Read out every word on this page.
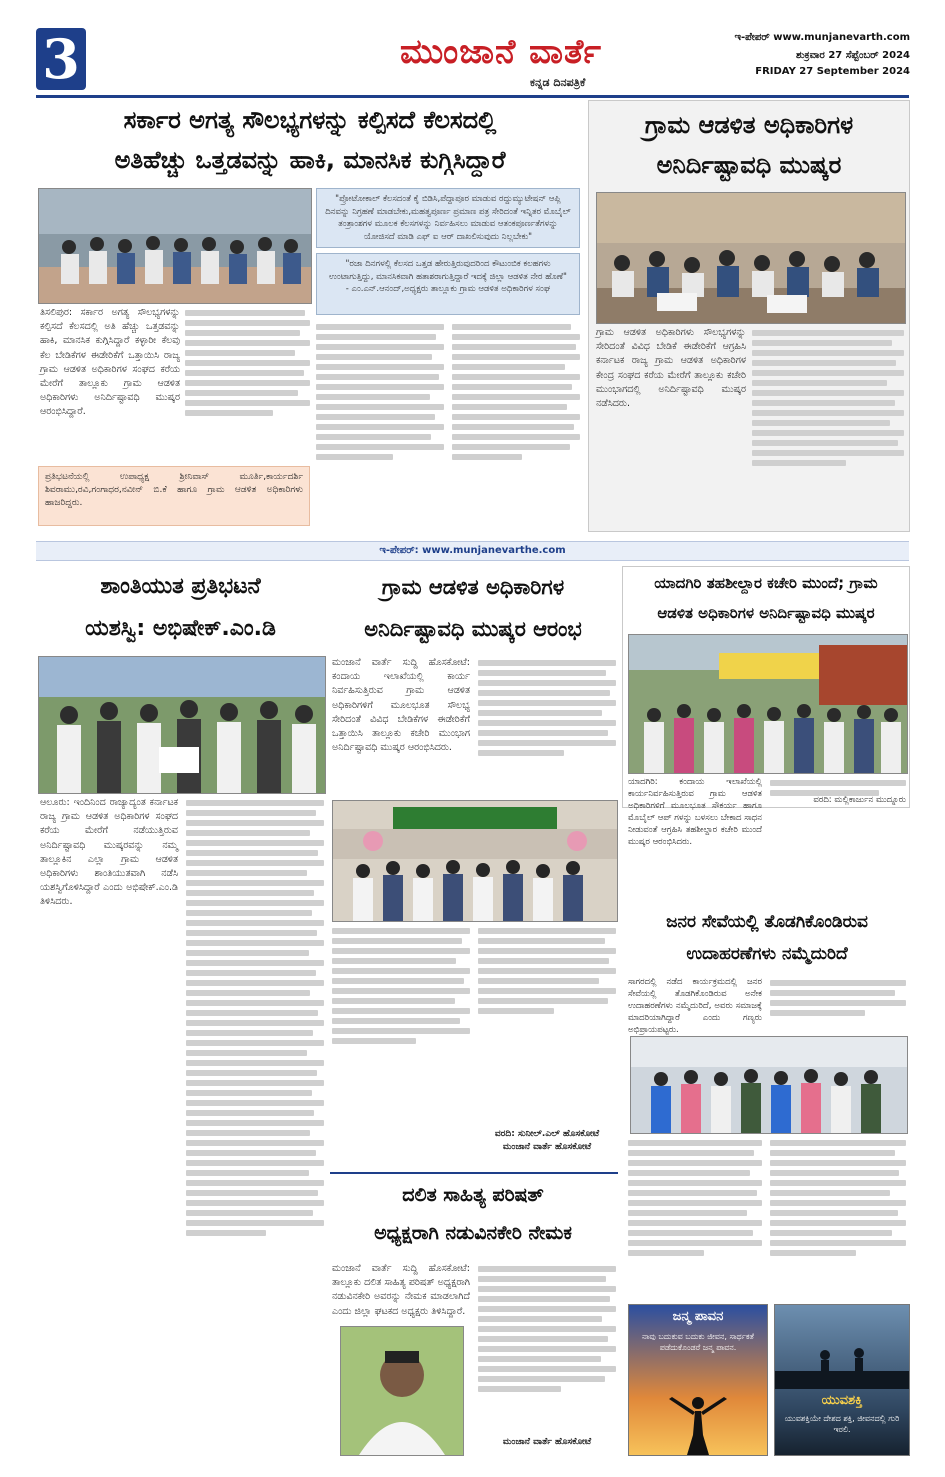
3	ಮುಂಜಾನೆ ವಾರ್ತೆ
ಕನ್ನಡ ದಿನಪತ್ರಿಕೆ
ಇ-ಪೇಪರ್ www.munjanevarth.com
ಶುಕ್ರವಾರ 27 ಸೆಪ್ಟೆಂಬರ್ 2024
FRIDAY 27 September 2024
ಸರ್ಕಾರ ಅಗತ್ಯ ಸೌಲಭ್ಯಗಳನ್ನು ಕಲ್ಪಿಸದೆ ಕೆಲಸದಲ್ಲಿ
ಅತಿಹೆಚ್ಚು ಒತ್ತಡವನ್ನು ಹಾಕಿ, ಮಾನಸಿಕ ಕುಗ್ಗಿಸಿದ್ದಾರೆ
"ಪ್ರೋಟೋಕಾಲ್ ಕೆಲಸದಂತೆ ಕೈ ಬಿಡಿಸಿ,ಪೆದ್ದಾಪೂರ ಮಾಡುವ ರದ್ದುಮ್ಯುಟೇಷನ್ ಆಪ್ಲಿ ದಿನವನ್ನು ನಿಗ್ರಹಣೆ ಮಾಡಬೇಕು,ಮಹತ್ವಪೂರ್ಣ ಪ್ರಮಾಣ ಪತ್ರ ಸೇರಿದಂತೆ ಇನ್ನಿತರ ಮೊಬೈಲ್ ತಂತ್ರಾಂಶಗಳ ಮೂಲಕ ಕೆಲಸಗಳನ್ನು ನಿರ್ವಹಿಸಲು ಮಾಡುವ ಆತಂಕಪೂರ್ಣತೆಗಳನ್ನು ಯೋಜಿಸದೆ ಮಾಡಿ ಎಫ್ ಐ ಆರ್ ದಾಖಲಿಸುವುದು ನಿಲ್ಲಬೇಕು"
"ರಜಾ ದಿನಗಳಲ್ಲಿ ಕೆಲಸದ ಒತ್ತಡ ಹೇರುತ್ತಿರುವುದರಿಂದ ಕೌಟುಂಬಿಕ ಕಲಹಗಳು ಉಂಟಾಗುತ್ತಿದ್ದು, ಮಾನಸಿಕವಾಗಿ ಹತಾಶರಾಗುತ್ತಿದ್ದಾರೆ ಇದಕ್ಕೆ ಜಿಲ್ಲಾ ಆಡಳಿತ ನೇರ ಹೊಣೆ"
- ಎಂ.ಎನ್.ಆನಂದ್,ಅಧ್ಯಕ್ಷರು ತಾಲ್ಲೂಕು ಗ್ರಾಮ ಆಡಳಿತ ಅಧಿಕಾರಿಗಳ ಸಂಘ
ತಿಸಲಿಪುರ: ಸರ್ಕಾರ ಅಗತ್ಯ ಸೌಲಭ್ಯಗಳನ್ನು ಕಲ್ಪಿಸದೆ ಕೆಲಸದಲ್ಲಿ ಅತಿ ಹೆಚ್ಚು ಒತ್ತಡವನ್ನು ಹಾಕಿ, ಮಾನಸಿಕ ಕುಗ್ಗಿಸಿದ್ದಾರೆ ಕಳ್ಳಾರೀ ಕೆಲವು ಕೆಲ ಬೇಡಿಕೆಗಳ ಈಡೇರಿಕೆಗೆ ಒತ್ತಾಯಿಸಿ ರಾಜ್ಯ ಗ್ರಾಮ ಆಡಳಿತ ಅಧಿಕಾರಿಗಳ ಸಂಘದ ಕರೆಯ ಮೇರೆಗೆ ತಾಲ್ಲೂಕು ಗ್ರಾಮ ಆಡಳಿತ ಅಧಿಕಾರಿಗಳು ಅನಿರ್ದಿಷ್ಟಾವಧಿ ಮುಷ್ಕರ ಆರಂಭಿಸಿದ್ದಾರೆ.
ಪ್ರತಿಭಟನೆಯಲ್ಲಿ ಉಪಾಧ್ಯಕ್ಷ ಶ್ರೀನಿವಾಸ್ ಮೂರ್ತಿ,ಕಾರ್ಯದರ್ಶಿ ಶಿವರಾಮು,ರವಿ,ಗಂಗಾಧರ,ನವೀನ್ ಬಿ.ಕೆ ಹಾಗೂ ಗ್ರಾಮ ಆಡಳಿತ ಅಧಿಕಾರಿಗಳು ಹಾಜರಿದ್ದರು.
ಗ್ರಾಮ ಆಡಳಿತ ಅಧಿಕಾರಿಗಳ
ಅನಿರ್ದಿಷ್ಟಾವಧಿ ಮುಷ್ಕರ
ಗ್ರಾಮ ಆಡಳಿತ ಅಧಿಕಾರಿಗಳು ಸೌಲಭ್ಯಗಳನ್ನು ಸೇರಿದಂತೆ ವಿವಿಧ ಬೇಡಿಕೆ ಈಡೇರಿಕೆಗೆ ಆಗ್ರಹಿಸಿ ಕರ್ನಾಟಕ ರಾಜ್ಯ ಗ್ರಾಮ ಆಡಳಿತ ಅಧಿಕಾರಿಗಳ ಕೇಂದ್ರ ಸಂಘದ ಕರೆಯ ಮೇರೆಗೆ ತಾಲ್ಲೂಕು ಕಚೇರಿ ಮುಂಭಾಗದಲ್ಲಿ ಅನಿರ್ದಿಷ್ಟಾವಧಿ ಮುಷ್ಕರ ನಡೆಸಿದರು.
ಇ-ಪೇಪರ್: www.munjanevarthe.com
ಶಾಂತಿಯುತ ಪ್ರತಿಭಟನೆ
ಯಶಸ್ವಿ: ಅಭಿಷೇಕ್.ಎಂ.ಡಿ
ಆಲೂರು: ಇಂದಿನಿಂದ ರಾಜ್ಯಾದ್ಯಂತ ಕರ್ನಾಟಕ ರಾಜ್ಯ ಗ್ರಾಮ ಆಡಳಿತ ಅಧಿಕಾರಿಗಳ ಸಂಘದ ಕರೆಯ ಮೇರೆಗೆ ನಡೆಯುತ್ತಿರುವ ಅನಿರ್ದಿಷ್ಟಾವಧಿ ಮುಷ್ಕರವನ್ನು ನಮ್ಮ ತಾಲ್ಲೂಕಿನ ಎಲ್ಲಾ ಗ್ರಾಮ ಆಡಳಿತ ಅಧಿಕಾರಿಗಳು ಶಾಂತಿಯುತವಾಗಿ ನಡೆಸಿ ಯಶಸ್ವಿಗೊಳಿಸಿದ್ದಾರೆ ಎಂದು ಅಭಿಷೇಕ್.ಎಂ.ಡಿ ತಿಳಿಸಿದರು.
ಗ್ರಾಮ ಆಡಳಿತ ಅಧಿಕಾರಿಗಳ
ಅನಿರ್ದಿಷ್ಟಾವಧಿ ಮುಷ್ಕರ ಆರಂಭ
ಮಂಜಾನೆ ವಾರ್ತೆ ಸುದ್ದಿ ಹೊಸಕೋಟೆ: ಕಂದಾಯ ಇಲಾಖೆಯಲ್ಲಿ ಕಾರ್ಯ ನಿರ್ವಹಿಸುತ್ತಿರುವ ಗ್ರಾಮ ಆಡಳಿತ ಅಧಿಕಾರಿಗಳಿಗೆ ಮೂಲಭೂತ ಸೌಲಭ್ಯ ಸೇರಿದಂತೆ ವಿವಿಧ ಬೇಡಿಕೆಗಳ ಈಡೇರಿಕೆಗೆ ಒತ್ತಾಯಿಸಿ ತಾಲ್ಲೂಕು ಕಚೇರಿ ಮುಂಭಾಗ ಅನಿರ್ದಿಷ್ಟಾವಧಿ ಮುಷ್ಕರ ಆರಂಭಿಸಿದರು.
ವರದಿ: ಸುನೀಲ್.ಎಲ್ ಹೊಸಕೋಟೆ
ಮಂಜಾನೆ ವಾರ್ತೆ ಹೊಸಕೋಟೆ
ದಲಿತ ಸಾಹಿತ್ಯ ಪರಿಷತ್
ಅಧ್ಯಕ್ಷರಾಗಿ ನಡುವಿನಕೇರಿ ನೇಮಕ
ಮಂಜಾನೆ ವಾರ್ತೆ ಸುದ್ದಿ ಹೊಸಕೋಟೆ: ತಾಲ್ಲೂಕು ದಲಿತ ಸಾಹಿತ್ಯ ಪರಿಷತ್ ಅಧ್ಯಕ್ಷರಾಗಿ ನಡುವಿನಕೇರಿ ಅವರನ್ನು ನೇಮಕ ಮಾಡಲಾಗಿದೆ ಎಂದು ಜಿಲ್ಲಾ ಘಟಕದ ಅಧ್ಯಕ್ಷರು ತಿಳಿಸಿದ್ದಾರೆ.
ಮಂಜಾನೆ ವಾರ್ತೆ ಹೊಸಕೋಟೆ
ಯಾದಗಿರಿ ತಹಶೀಲ್ದಾರ ಕಚೇರಿ ಮುಂದೆ; ಗ್ರಾಮ
ಆಡಳಿತ ಅಧಿಕಾರಿಗಳ ಅನಿರ್ದಿಷ್ಟಾವಧಿ ಮುಷ್ಕರ
ಯಾದಗಿರಿ: ಕಂದಾಯ ಇಲಾಖೆಯಲ್ಲಿ ಕಾರ್ಯನಿರ್ವಹಿಸುತ್ತಿರುವ ಗ್ರಾಮ ಆಡಳಿತ ಅಧಿಕಾರಿಗಳಿಗೆ ಮೂಲಭೂತ ಸೌಕರ್ಯ ಹಾಗೂ ಮೊಬೈಲ್ ಆಪ್ ಗಳನ್ನು ಬಳಸಲು ಬೇಕಾದ ಸಾಧನ ನೀಡುವಂತೆ ಆಗ್ರಹಿಸಿ ತಹಶೀಲ್ದಾರ ಕಚೇರಿ ಮುಂದೆ ಮುಷ್ಕರ ಆರಂಭಿಸಿದರು.
ವರದಿ: ಮಲ್ಲಿಕಾರ್ಜುನ ಮುದ್ನೂರು
ಜನರ ಸೇವೆಯಲ್ಲಿ ತೊಡಗಿಕೊಂಡಿರುವ
ಉದಾಹರಣೆಗಳು ನಮ್ಮೆದುರಿದೆ
ಸಾಗರದಲ್ಲಿ ನಡೆದ ಕಾರ್ಯಕ್ರಮದಲ್ಲಿ ಜನರ ಸೇವೆಯಲ್ಲಿ ತೊಡಗಿಕೊಂಡಿರುವ ಅನೇಕ ಉದಾಹರಣೆಗಳು ನಮ್ಮೆದುರಿದೆ, ಅವರು ಸಮಾಜಕ್ಕೆ ಮಾದರಿಯಾಗಿದ್ದಾರೆ ಎಂದು ಗಣ್ಯರು ಅಭಿಪ್ರಾಯಪಟ್ಟರು.
ಜನ್ಮ ಪಾವನ
ನಾವು ಬದುಕುವ ಬದುಕು ಜೀವನ, ಸಾರ್ಥಕತೆ ಪಡೆದುಕೊಂಡರೆ ಜನ್ಮ ಪಾವನ.
ಯುವಶಕ್ತಿ
ಯುವಶಕ್ತಿಯೇ ದೇಶದ ಶಕ್ತಿ, ಜೀವನದಲ್ಲಿ ಗುರಿ ಇರಲಿ.
